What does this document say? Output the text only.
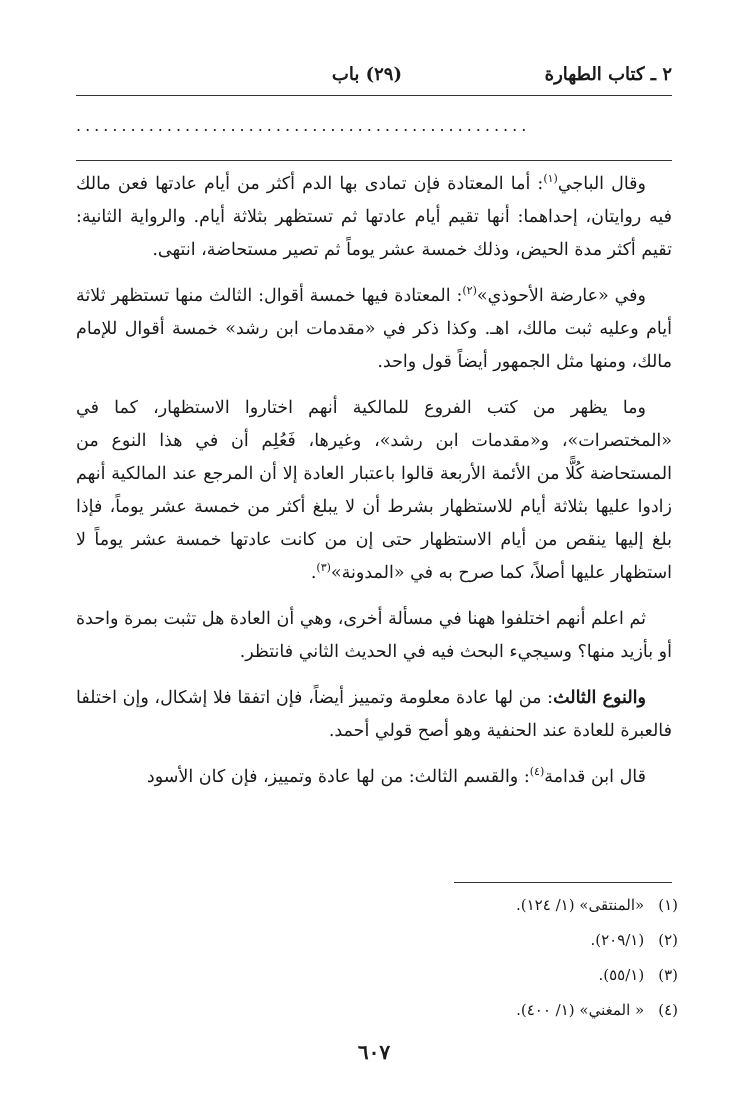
٢ ـ كتاب الطهارة
(٢٩) باب
..................................................

وقال الباجي$^{(١)}$: أما المعتادة فإن تمادى بها الدم أكثر من أيام عادتها فعن مالك فيه روايتان، إحداهما: أنها تقيم أيام عادتها ثم تستظهر بثلاثة أيام. والرواية الثانية: تقيم أكثر مدة الحيض، وذلك خمسة عشر يوماً ثم تصير مستحاضة، انتهى.

وفي «عارضة الأحوذي»$^{(٢)}$: المعتادة فيها خمسة أقوال: الثالث منها تستظهر ثلاثة أيام وعليه ثبت مالك، اهـ. وكذا ذكر في «مقدمات ابن رشد» خمسة أقوال للإمام مالك، ومنها مثل الجمهور أيضاً قول واحد.

وما يظهر من كتب الفروع للمالكية أنهم اختاروا الاستظهار، كما في «المختصرات»، و«مقدمات ابن رشد»، وغيرها، فَعُلِم أن في هذا النوع من المستحاضة كُلًّا من الأئمة الأربعة قالوا باعتبار العادة إلا أن المرجع عند المالكية أنهم زادوا عليها بثلاثة أيام للاستظهار بشرط أن لا يبلغ أكثر من خمسة عشر يوماً، فإذا بلغ إليها ينقص من أيام الاستظهار حتى إن من كانت عادتها خمسة عشر يوماً لا استظهار عليها أصلاً، كما صرح به في «المدونة»$^{(٣)}$.

ثم اعلم أنهم اختلفوا ههنا في مسألة أخرى، وهي أن العادة هل تثبت بمرة واحدة أو بأزيد منها؟ وسيجيء البحث فيه في الحديث الثاني فانتظر.

والنوع الثالث: من لها عادة معلومة وتمييز أيضاً، فإن اتفقا فلا إشكال، وإن اختلفا فالعبرة للعادة عند الحنفية وهو أصح قولي أحمد.

قال ابن قدامة$^{(٤)}$: والقسم الثالث: من لها عادة وتمييز، فإن كان الأسود

(١)«المنتقى» (١/ ١٢٤).
(٢)(٢٠٩/١).
(٣)(٥٥/١).
(٤)« المغني» (١/ ٤٠٠).
٦٠٧
